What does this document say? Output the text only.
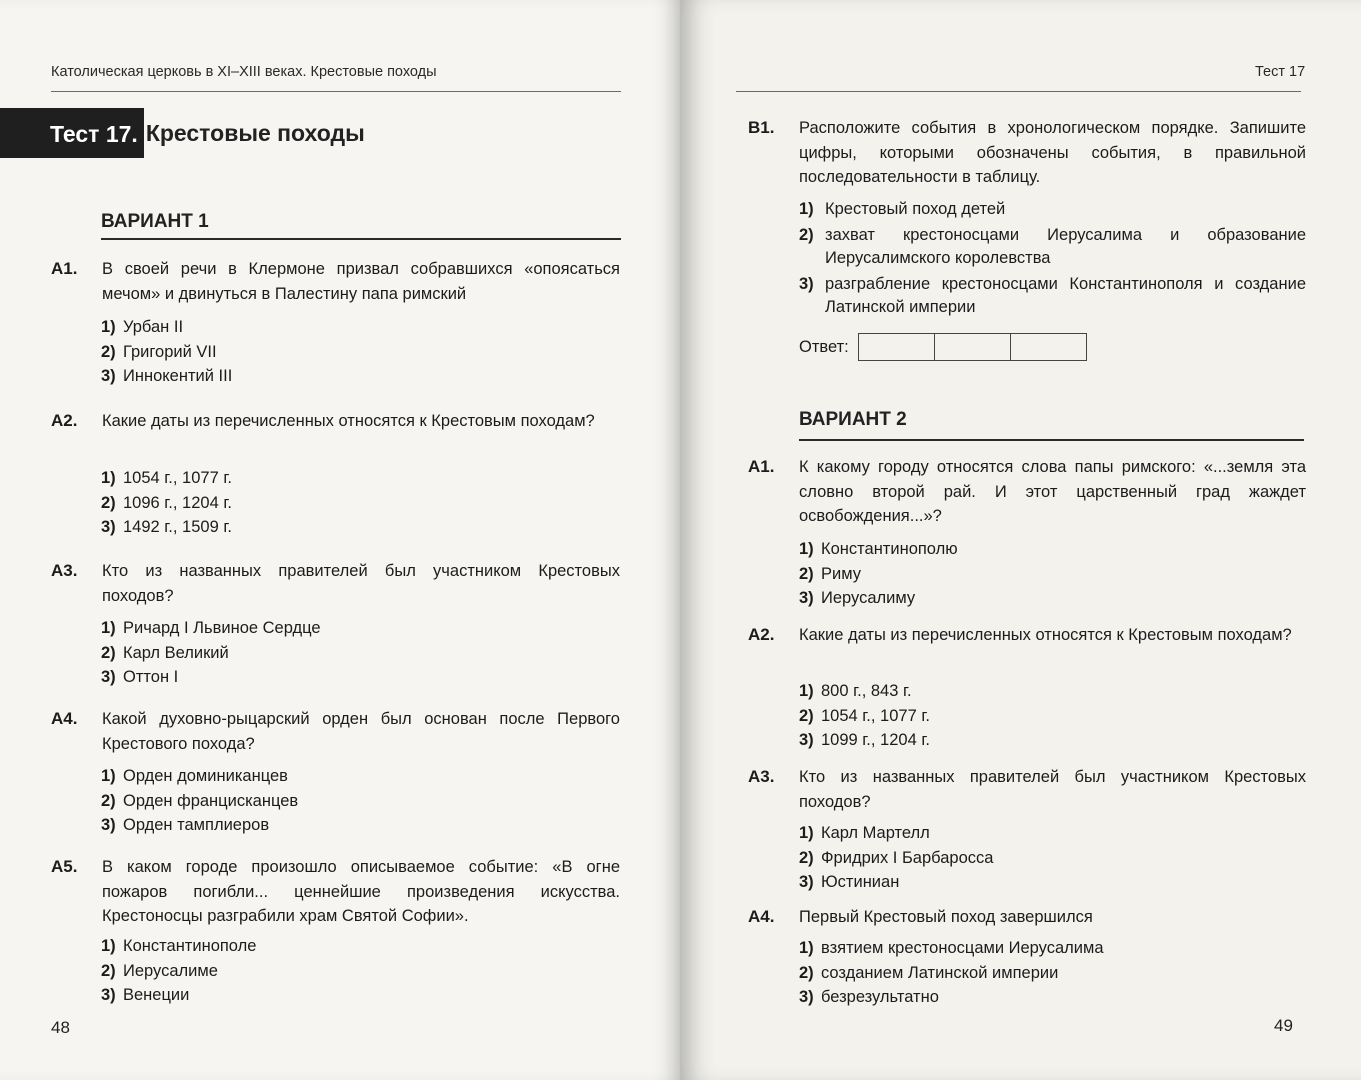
Католическая церковь в XI–XIII веках. Крестовые походы
Тест 17. Крестовые походы
ВАРИАНТ 1
A1. В своей речи в Клермоне призвал собравшихся «опоясаться мечом» и двинуться в Палестину папа римский
1) Урбан II
2) Григорий VII
3) Иннокентий III
A2. Какие даты из перечисленных относятся к Крестовым походам?
1) 1054 г., 1077 г.
2) 1096 г., 1204 г.
3) 1492 г., 1509 г.
A3. Кто из названных правителей был участником Крестовых походов?
1) Ричард I Львиное Сердце
2) Карл Великий
3) Оттон I
A4. Какой духовно-рыцарский орден был основан после Первого Крестового похода?
1) Орден доминиканцев
2) Орден францисканцев
3) Орден тамплиеров
A5. В каком городе произошло описываемое событие: «В огне пожаров погибли... ценнейшие произведения искусства. Крестоносцы разграбили храм Святой Софии».
1) Константинополе
2) Иерусалиме
3) Венеции
48
Тест 17
49
B1. Расположите события в хронологическом порядке. Запишите цифры, которыми обозначены события, в правильной последовательности в таблицу.
1) Крестовый поход детей
2) захват крестоносцами Иерусалима и образование Иерусалимского королевства
3) разграбление крестоносцами Константинополя и создание Латинской империи
Ответ:
ВАРИАНТ 2
A1. К какому городу относятся слова папы римского: «...земля эта словно второй рай. И этот царственный град жаждет освобождения...»?
1) Константинополю
2) Риму
3) Иерусалиму
A2. Какие даты из перечисленных относятся к Крестовым походам?
1) 800 г., 843 г.
2) 1054 г., 1077 г.
3) 1099 г., 1204 г.
A3. Кто из названных правителей был участником Крестовых походов?
1) Карл Мартелл
2) Фридрих I Барбаросса
3) Юстиниан
A4. Первый Крестовый поход завершился
1) взятием крестоносцами Иерусалима
2) созданием Латинской империи
3) безрезультатно
